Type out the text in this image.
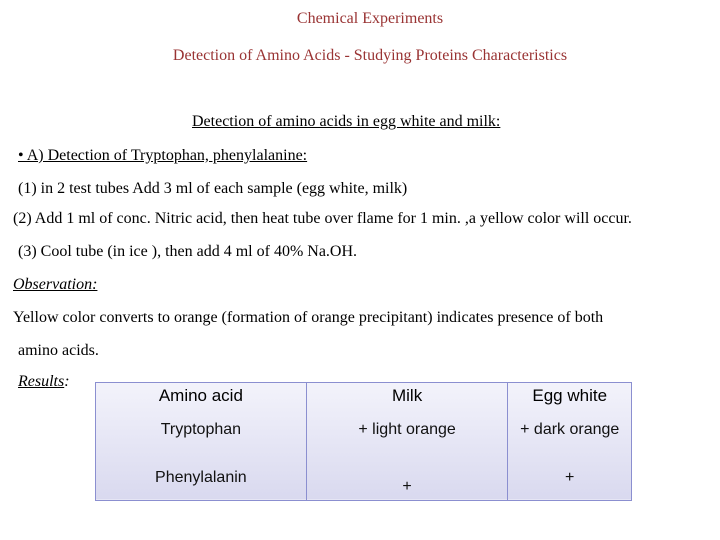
Chemical Experiments
Detection of Amino Acids - Studying Proteins Characteristics
Detection of amino acids in egg white and milk:
• A) Detection of Tryptophan, phenylalanine:
(1) in 2 test tubes Add 3 ml of each sample (egg white, milk)
(2) Add 1 ml of conc. Nitric acid, then heat tube over flame for 1 min. ,a yellow color will occur.
(3) Cool tube (in ice ), then add 4 ml of 40% Na.OH.
Observation:
Yellow color converts to orange (formation of orange precipitant) indicates presence of both
amino acids.
Results:
Amino acid	Milk	Egg white
Tryptophan	+ light orange	+ dark orange
Phenylalanin	+	+
